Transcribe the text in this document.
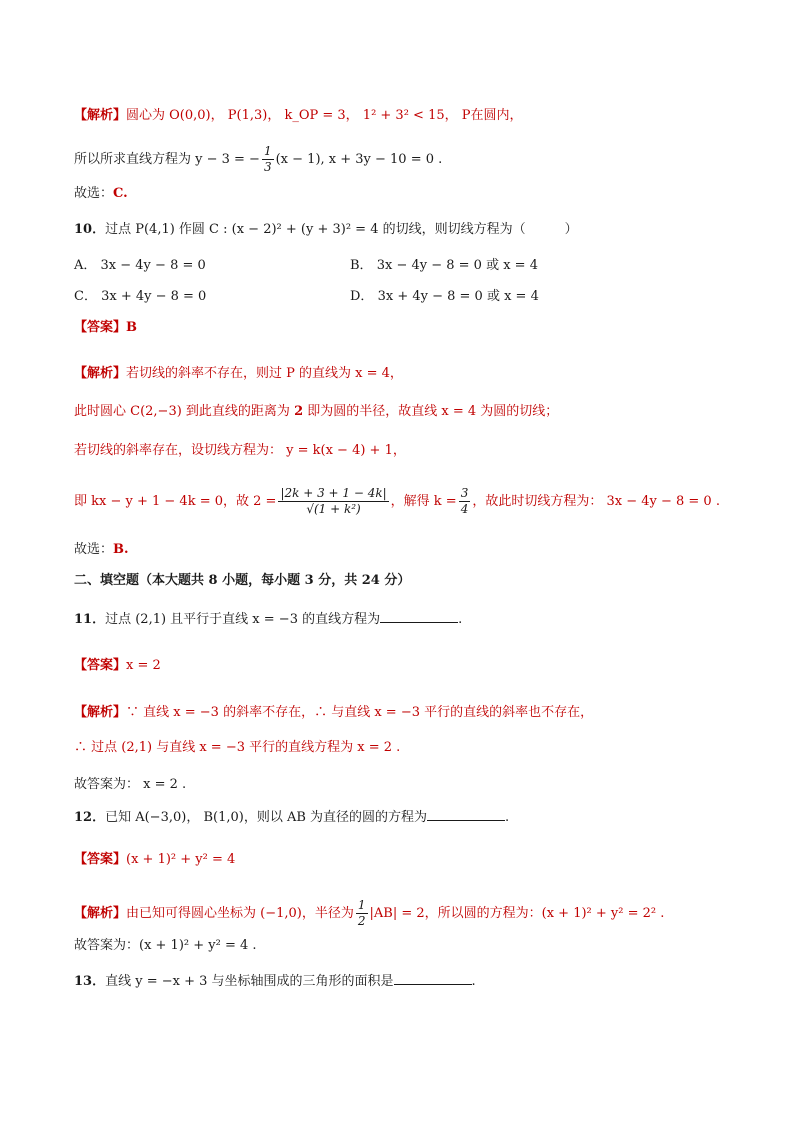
【解析】圆心为 O(0,0)， P(1,3)， k_OP = 3， 1² + 3² < 15， P在圆内，
所以所求直线方程为 y − 3 = − $\frac{1}{3} (x - 1)$, x + 3y − 10 = 0 .
故选：C.
10．过点 P(4,1) 作圆 C : (x − 2)² + (y + 3)² = 4 的切线，则切线方程为（　　　）
A． 3x − 4y − 8 = 0	B． 3x − 4y − 8 = 0 或 x = 4
C． 3x + 4y − 8 = 0	D． 3x + 4y − 8 = 0 或 x = 4
【答案】B
【解析】若切线的斜率不存在，则过 P 的直线为 x = 4，
此时圆心 C(2,−3) 到此直线的距离为 2 即为圆的半径，故直线 x = 4 为圆的切线；
若切线的斜率存在，设切线方程为： y = k(x − 4) + 1，
即 kx − y + 1 − 4k = 0，故 $2 = \frac{|2k + 3 + 1 - 4k|}{\text{√(1 + k²)}}$ ，解得 $k = \frac{3}{4}$ ，故此时切线方程为： 3x − 4y − 8 = 0 .
故选：B.
二、填空题（本大题共 8 小题，每小题 3 分，共 24 分）
11．过点 (2,1) 且平行于直线 x = −3 的直线方程为	.
【答案】x = 2
【解析】∵ 直线 x = −3 的斜率不存在，∴ 与直线 x = −3 平行的直线的斜率也不存在，
∴ 过点 (2,1) 与直线 x = −3 平行的直线方程为 x = 2 .
故答案为： x = 2 .
12．已知 A(−3,0)， B(1,0)，则以 AB 为直径的圆的方程为	.
【答案】(x + 1)² + y² = 4
【解析】由已知可得圆心坐标为 (−1,0)，半径为 $\frac{1}{2} |AB| = 2$，所以圆的方程为：(x + 1)² + y² = 2² .
故答案为：(x + 1)² + y² = 4 .
13．直线 y = −x + 3 与坐标轴围成的三角形的面积是	.
